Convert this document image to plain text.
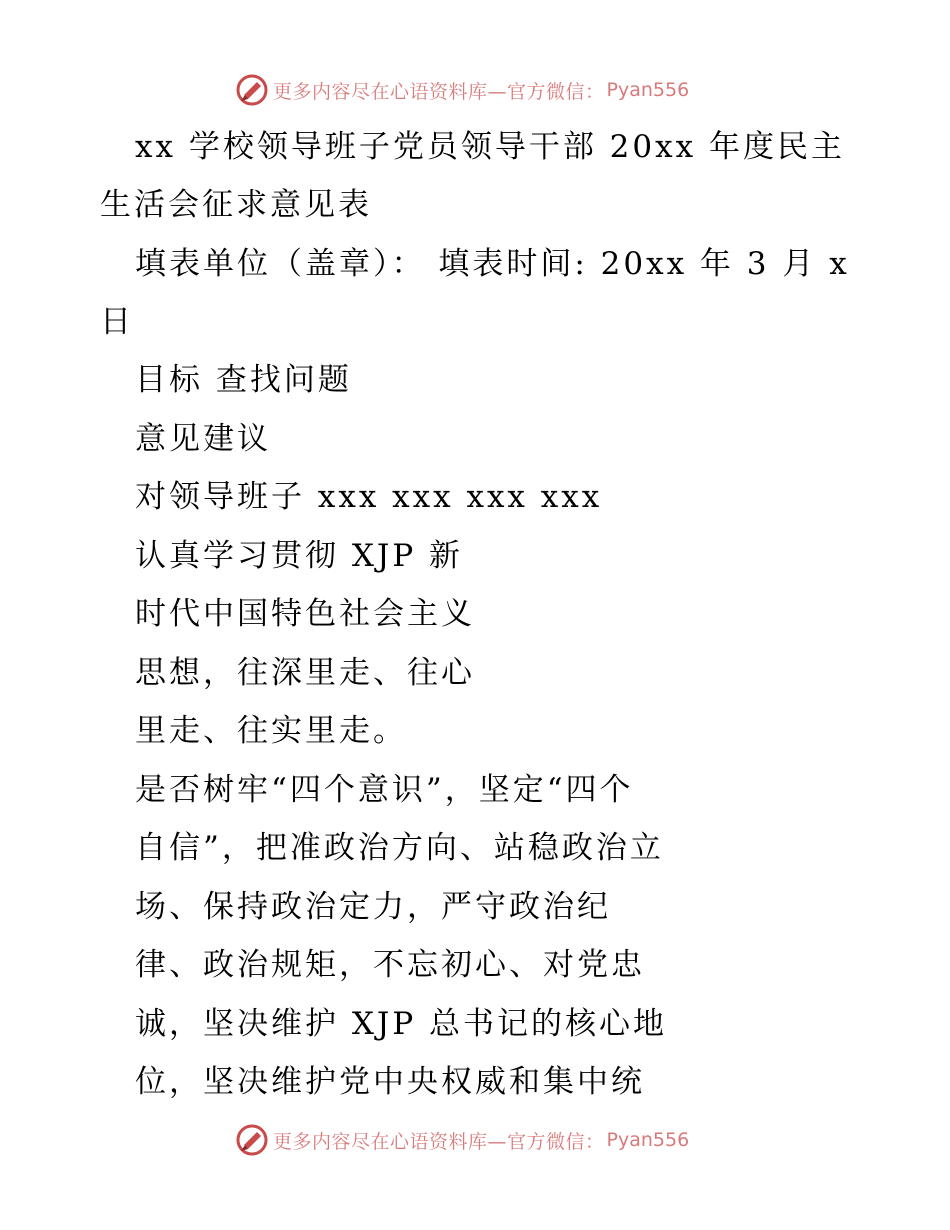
更多内容尽在心语资料库—官方微信： Pyan556
xx 学校领导班子党员领导干部 20xx 年度民主
生活会征求意见表
填表单位（盖章）： 填表时间: 20xx 年 3 月 x
日
目标 查找问题
意见建议
对领导班子 xxx xxx xxx xxx
认真学习贯彻 XJP 新
时代中国特色社会主义
思想，往深里走、往心
里走、往实里走。
是否树牢“四个意识”，坚定“四个
自信”，把准政治方向、站稳政治立
场、保持政治定力，严守政治纪
律、政治规矩，不忘初心、对党忠
诚，坚决维护 XJP 总书记的核心地
位，坚决维护党中央权威和集中统
更多内容尽在心语资料库—官方微信： Pyan556
